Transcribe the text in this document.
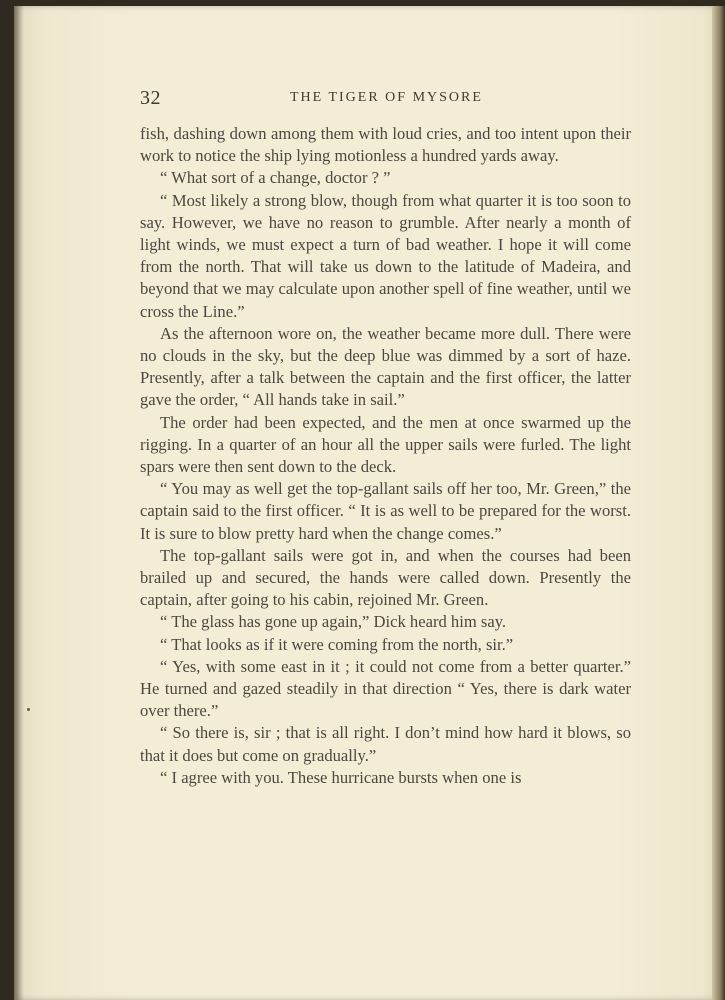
32	THE TIGER OF MYSORE

fish, dashing down among them with loud cries, and too intent upon their work to notice the ship lying motionless a hundred yards away.

“ What sort of a change, doctor ? ”

“ Most likely a strong blow, though from what quarter it is too soon to say. However, we have no reason to grumble. After nearly a month of light winds, we must expect a turn of bad weather. I hope it will come from the north. That will take us down to the latitude of Madeira, and beyond that we may calculate upon another spell of fine weather, until we cross the Line.”

As the afternoon wore on, the weather became more dull. There were no clouds in the sky, but the deep blue was dimmed by a sort of haze. Presently, after a talk between the captain and the first officer, the latter gave the order, “ All hands take in sail.”

The order had been expected, and the men at once swarmed up the rigging. In a quarter of an hour all the upper sails were furled. The light spars were then sent down to the deck.

“ You may as well get the top-gallant sails off her too, Mr. Green,” the captain said to the first officer. “ It is as well to be prepared for the worst. It is sure to blow pretty hard when the change comes.”

The top-gallant sails were got in, and when the courses had been brailed up and secured, the hands were called down. Presently the captain, after going to his cabin, rejoined Mr. Green.

“ The glass has gone up again,” Dick heard him say.

“ That looks as if it were coming from the north, sir.”

“ Yes, with some east in it ; it could not come from a better quarter.” He turned and gazed steadily in that direction “ Yes, there is dark water over there.”

“ So there is, sir ; that is all right. I don’t mind how hard it blows, so that it does but come on gradually.”

“ I agree with you. These hurricane bursts when one is
